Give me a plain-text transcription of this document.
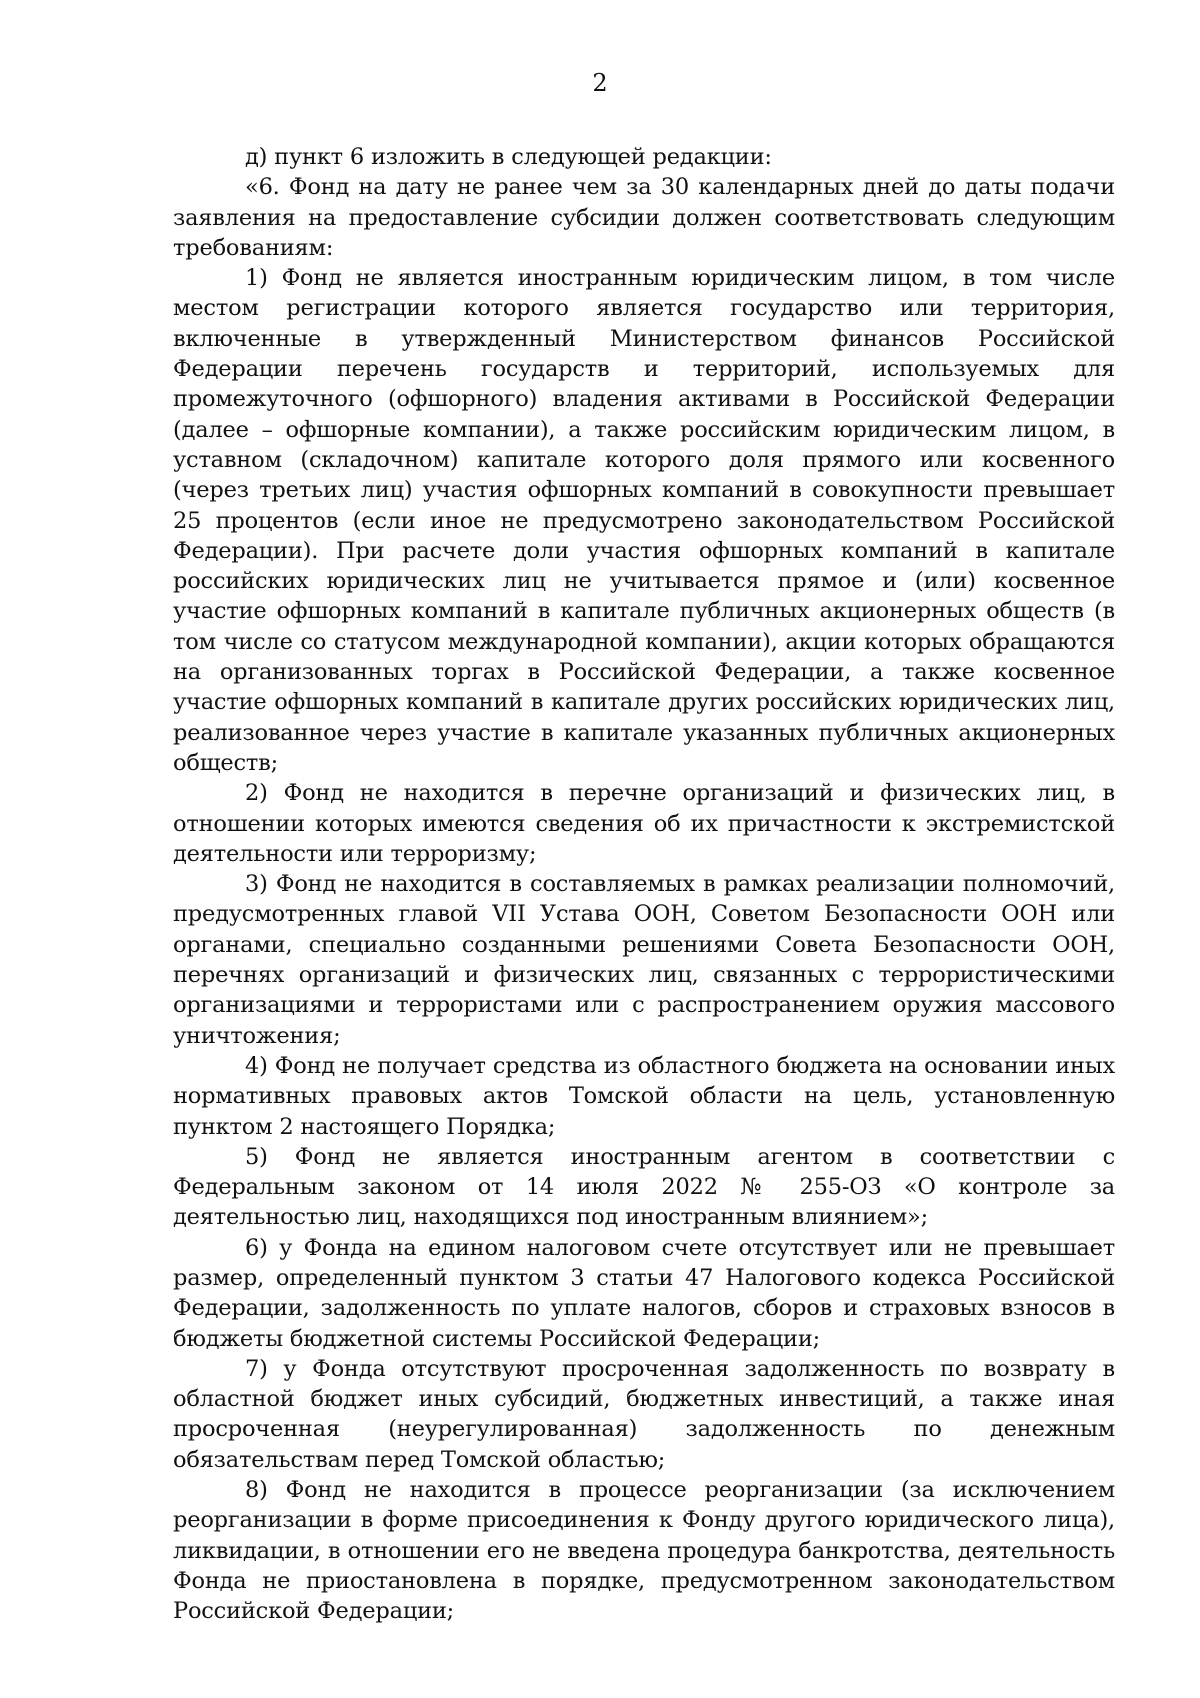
2

д) пункт 6 изложить в следующей редакции:

«6. Фонд на дату не ранее чем за 30 календарных дней до даты подачи заявления на предоставление субсидии должен соответствовать следующим требованиям:

1) Фонд не является иностранным юридическим лицом, в том числе местом регистрации которого является государство или территория, включенные в утвержденный Министерством финансов Российской Федерации перечень государств и территорий, используемых для промежуточного (офшорного) владения активами в Российской Федерации (далее – офшорные компании), а также российским юридическим лицом, в уставном (складочном) капитале которого доля прямого или косвенного (через третьих лиц) участия офшорных компаний в совокупности превышает 25 процентов (если иное не предусмотрено законодательством Российской Федерации). При расчете доли участия офшорных компаний в капитале российских юридических лиц не учитывается прямое и (или) косвенное участие офшорных компаний в капитале публичных акционерных обществ (в том числе со статусом международной компании), акции которых обращаются на организованных торгах в Российской Федерации, а также косвенное участие офшорных компаний в капитале других российских юридических лиц, реализованное через участие в капитале указанных публичных акционерных обществ;

2) Фонд не находится в перечне организаций и физических лиц, в отношении которых имеются сведения об их причастности к экстремистской деятельности или терроризму;

3) Фонд не находится в составляемых в рамках реализации полномочий, предусмотренных главой VII Устава ООН, Советом Безопасности ООН или органами, специально созданными решениями Совета Безопасности ООН, перечнях организаций и физических лиц, связанных с террористическими организациями и террористами или с распространением оружия массового уничтожения;

4) Фонд не получает средства из областного бюджета на основании иных нормативных правовых актов Томской области на цель, установленную пунктом 2 настоящего Порядка;

5) Фонд не является иностранным агентом в соответствии с Федеральным законом от 14 июля 2022 № 255-ОЗ «О контроле за деятельностью лиц, находящихся под иностранным влиянием»;

6) у Фонда на едином налоговом счете отсутствует или не превышает размер, определенный пунктом 3 статьи 47 Налогового кодекса Российской Федерации, задолженность по уплате налогов, сборов и страховых взносов в бюджеты бюджетной системы Российской Федерации;

7) у Фонда отсутствуют просроченная задолженность по возврату в областной бюджет иных субсидий, бюджетных инвестиций, а также иная просроченная (неурегулированная) задолженность по денежным обязательствам перед Томской областью;

8) Фонд не находится в процессе реорганизации (за исключением реорганизации в форме присоединения к Фонду другого юридического лица), ликвидации, в отношении его не введена процедура банкротства, деятельность Фонда не приостановлена в порядке, предусмотренном законодательством Российской Федерации;
